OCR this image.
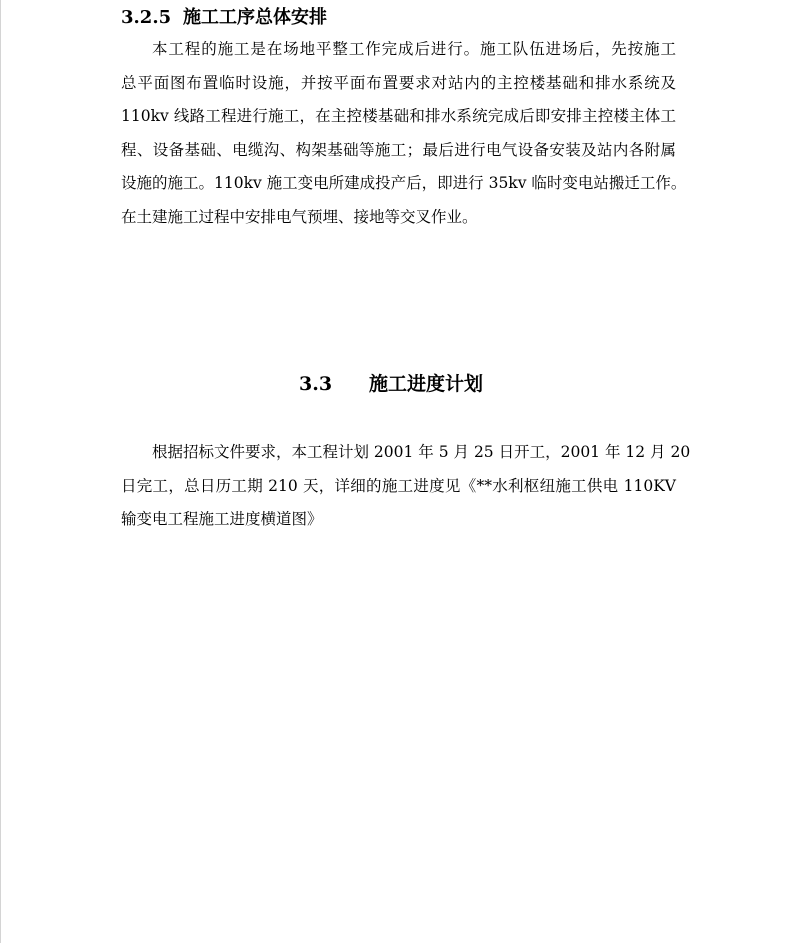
3.2.5 施工工序总体安排
本工程的施工是在场地平整工作完成后进行。施工队伍进场后，先按施工
总平面图布置临时设施，并按平面布置要求对站内的主控楼基础和排水系统及
110kv 线路工程进行施工，在主控楼基础和排水系统完成后即安排主控楼主体工
程、设备基础、电缆沟、构架基础等施工；最后进行电气设备安装及站内各附属
设施的施工。110kv 施工变电所建成投产后，即进行 35kv 临时变电站搬迁工作。
在土建施工过程中安排电气预埋、接地等交叉作业。
3.3 施工进度计划
根据招标文件要求，本工程计划 2001 年 5 月 25 日开工，2001 年 12 月 20
日完工，总日历工期 210 天，详细的施工进度见《**水利枢纽施工供电 110KV
输变电工程施工进度横道图》
